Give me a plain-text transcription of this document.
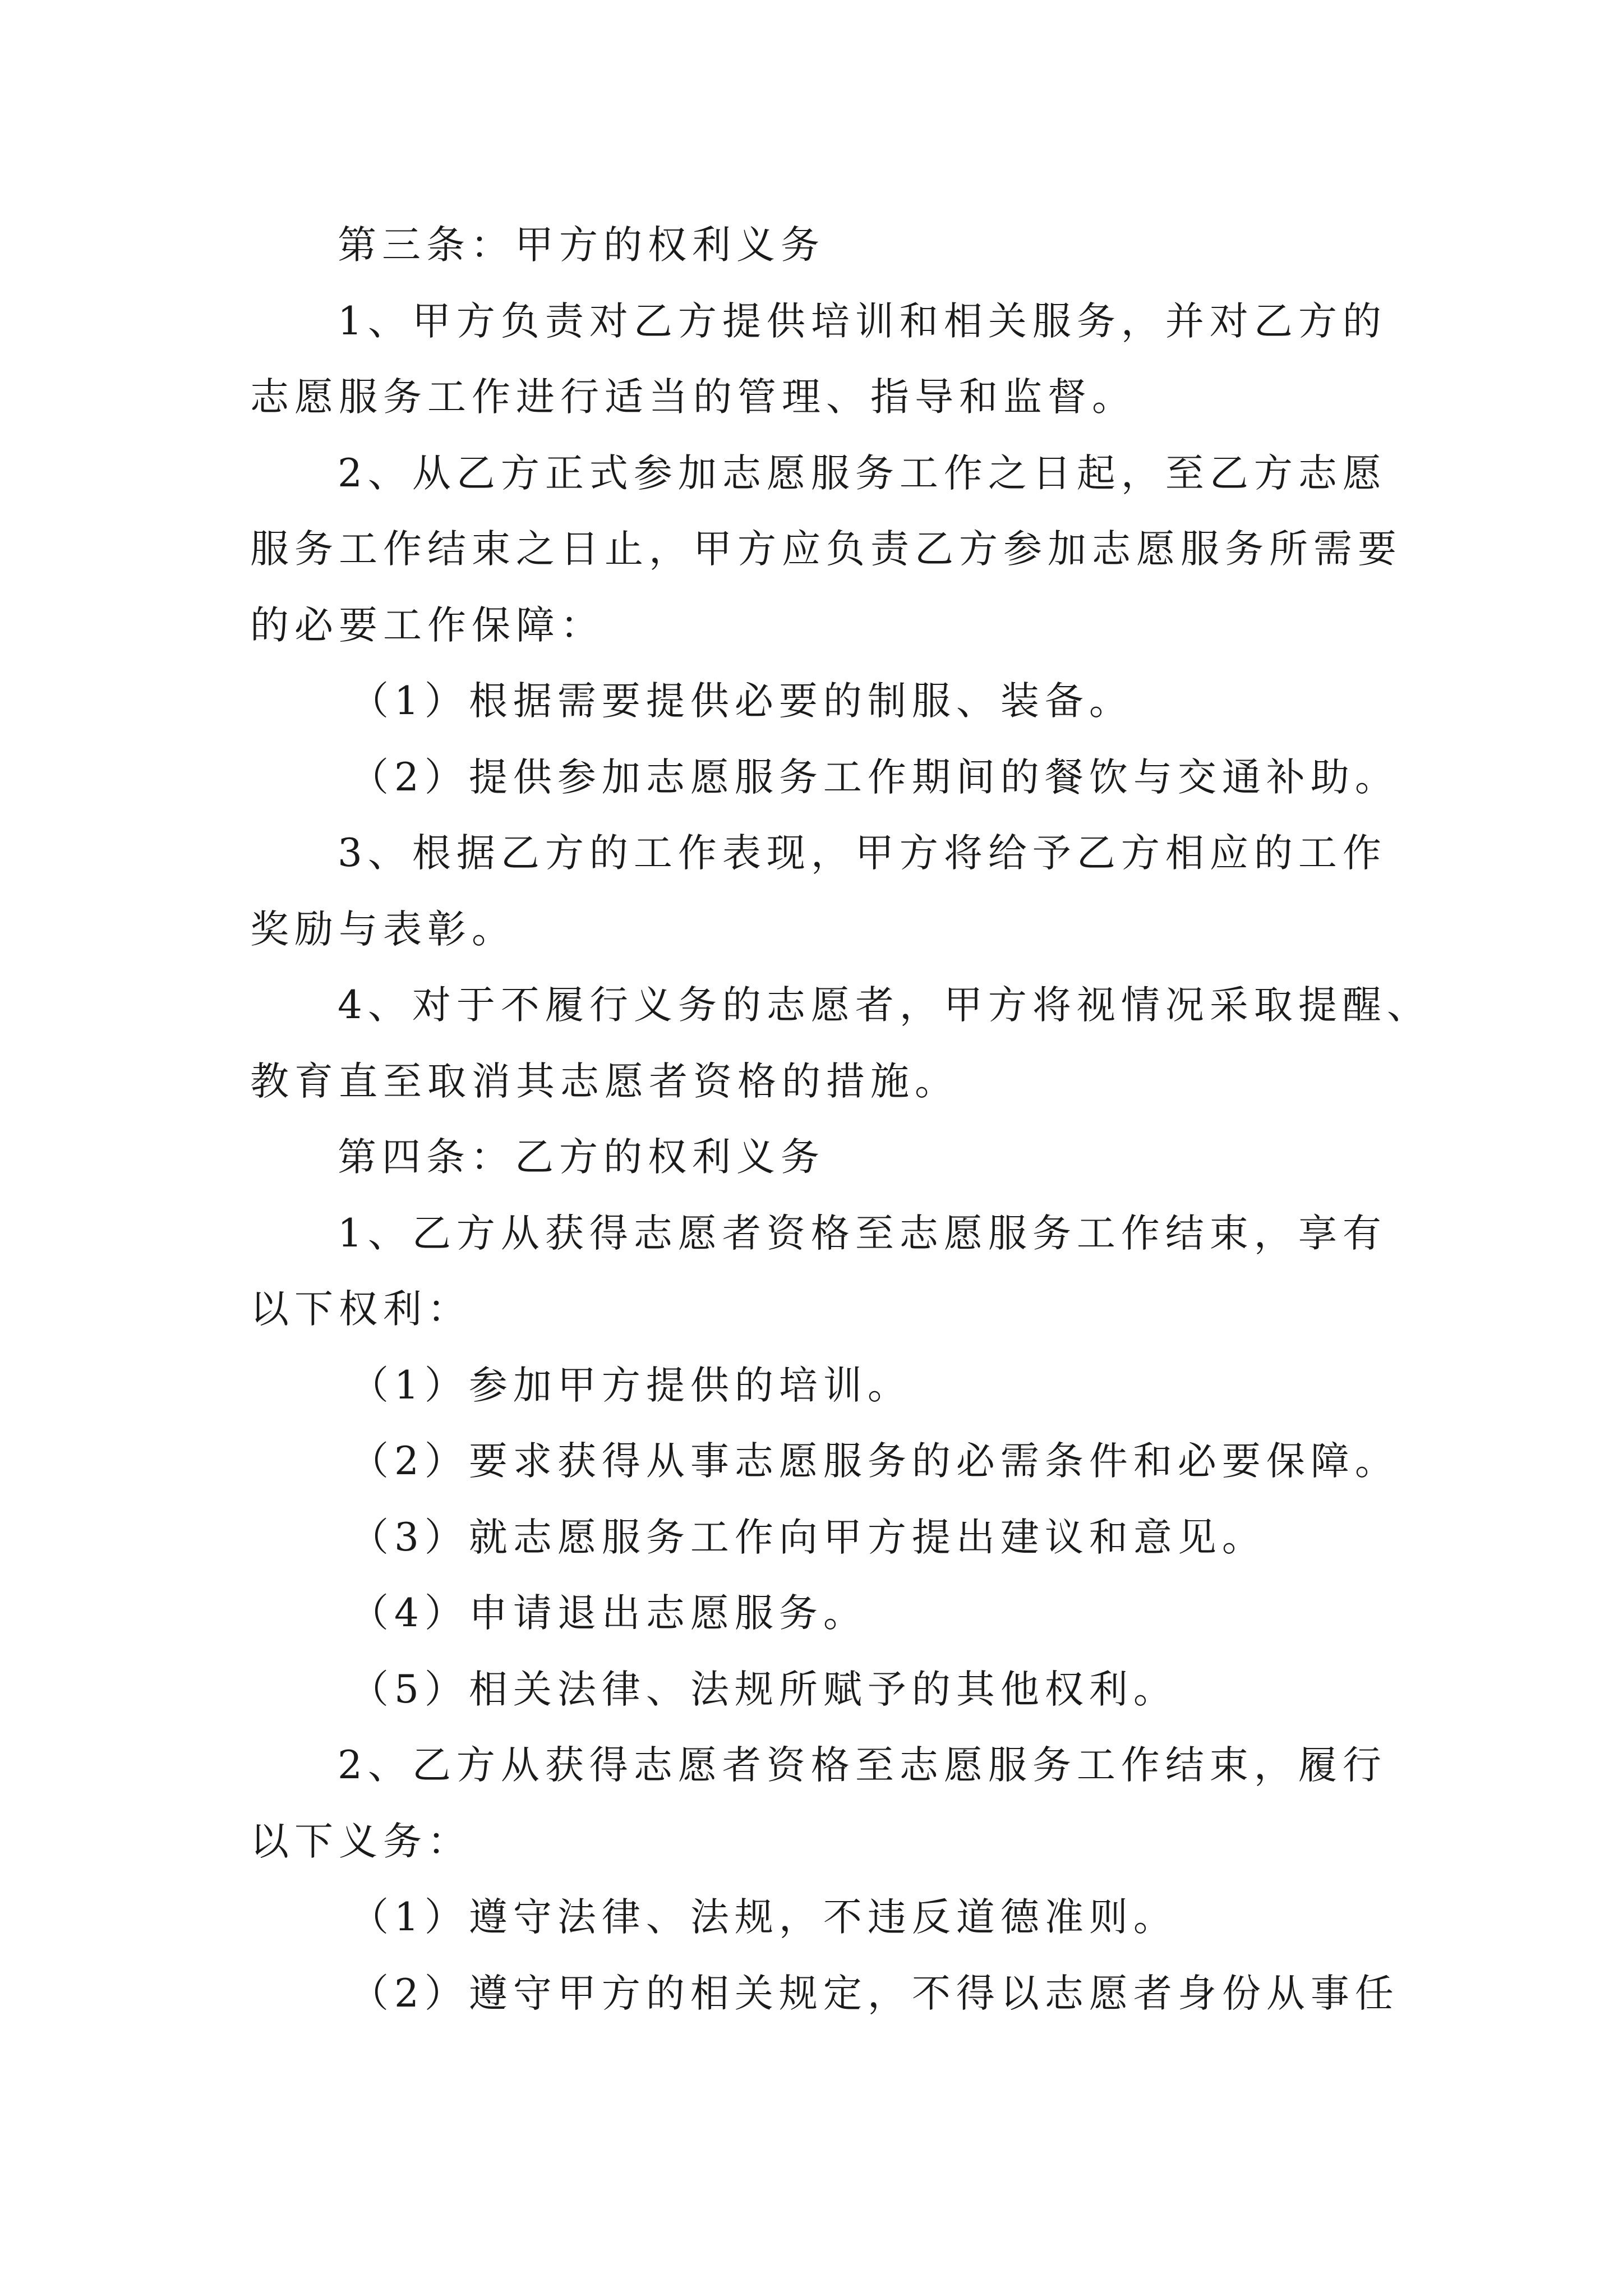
第三条：甲方的权利义务
1、甲方负责对乙方提供培训和相关服务，并对乙方的
志愿服务工作进行适当的管理、指导和监督。
2、从乙方正式参加志愿服务工作之日起，至乙方志愿
服务工作结束之日止，甲方应负责乙方参加志愿服务所需要
的必要工作保障：
（1）根据需要提供必要的制服、装备。
（2）提供参加志愿服务工作期间的餐饮与交通补助。
3、根据乙方的工作表现，甲方将给予乙方相应的工作
奖励与表彰。
4、对于不履行义务的志愿者，甲方将视情况采取提醒、
教育直至取消其志愿者资格的措施。
第四条：乙方的权利义务
1、乙方从获得志愿者资格至志愿服务工作结束，享有
以下权利：
（1）参加甲方提供的培训。
（2）要求获得从事志愿服务的必需条件和必要保障。
（3）就志愿服务工作向甲方提出建议和意见。
（4）申请退出志愿服务。
（5）相关法律、法规所赋予的其他权利。
2、乙方从获得志愿者资格至志愿服务工作结束，履行
以下义务：
（1）遵守法律、法规，不违反道德准则。
（2）遵守甲方的相关规定，不得以志愿者身份从事任
